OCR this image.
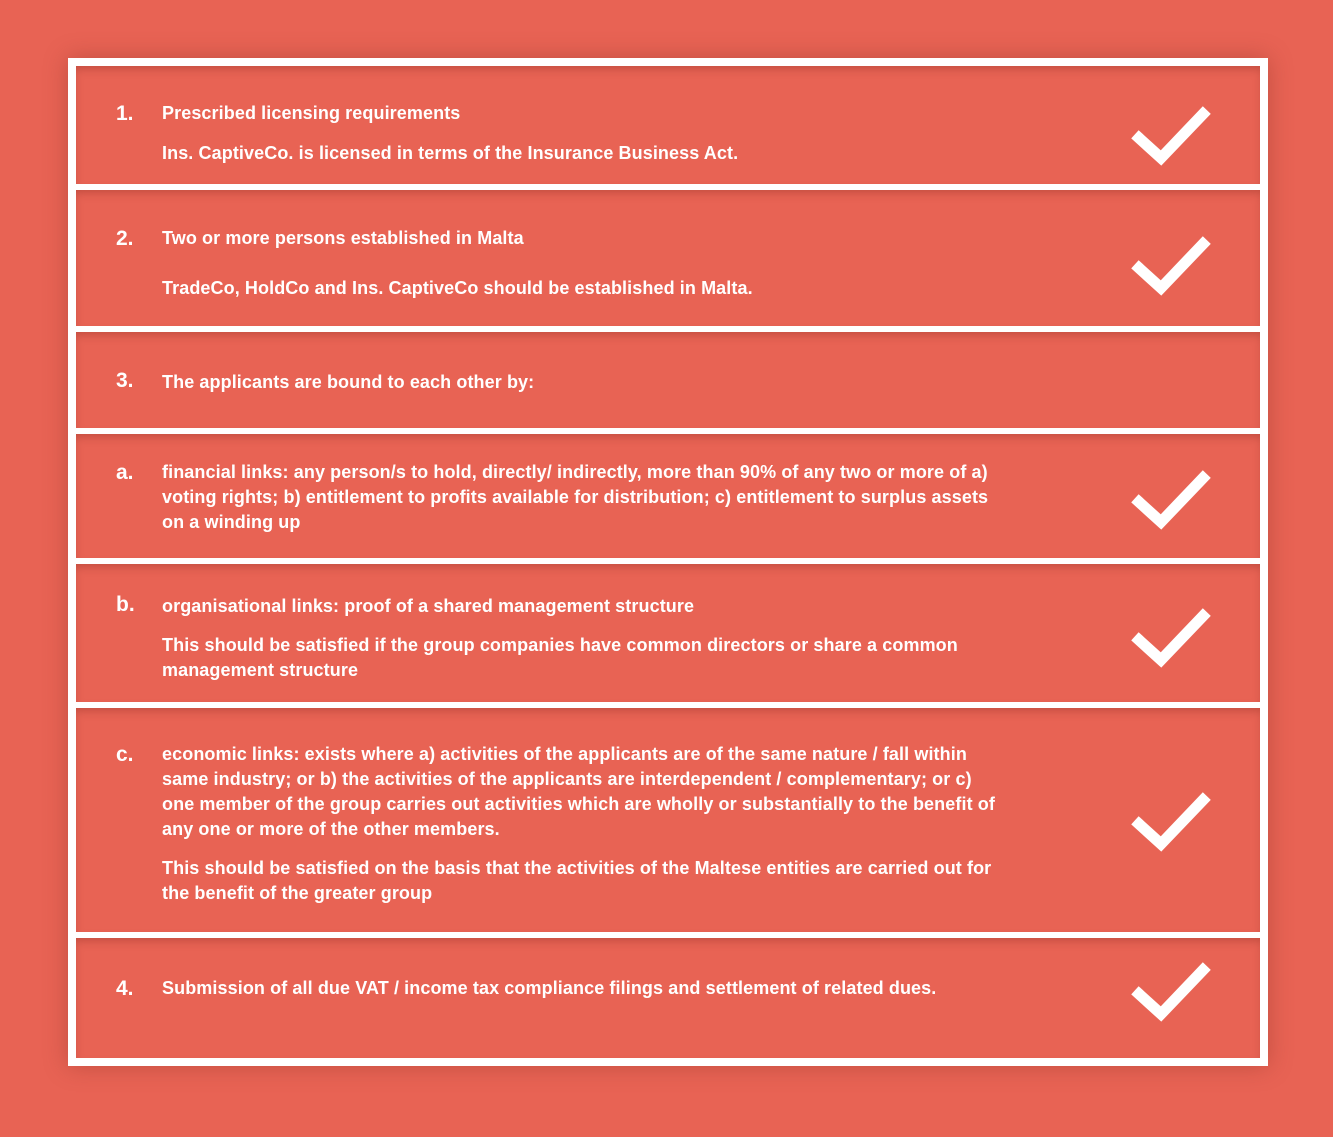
1. Prescribed licensing requirements
Ins. CaptiveCo. is licensed in terms of the Insurance Business Act.
2. Two or more persons established in Malta
TradeCo, HoldCo and Ins. CaptiveCo should be established in Malta.
3. The applicants are bound to each other by:
a. financial links: any person/s to hold, directly/ indirectly, more than 90% of any two or more of a) voting rights; b) entitlement to profits available for distribution; c) entitlement to surplus assets on a winding up
b. organisational links: proof of a shared management structure
This should be satisfied if the group companies have common directors or share a common management structure
c. economic links: exists where a) activities of the applicants are of the same nature / fall within same industry; or b) the activities of the applicants are interdependent / complementary; or c) one member of the group carries out activities which are wholly or substantially to the benefit of any one or more of the other members.
This should be satisfied on the basis that the activities of the Maltese entities are carried out for the benefit of the greater group
4. Submission of all due VAT / income tax compliance filings and settlement of related dues.
